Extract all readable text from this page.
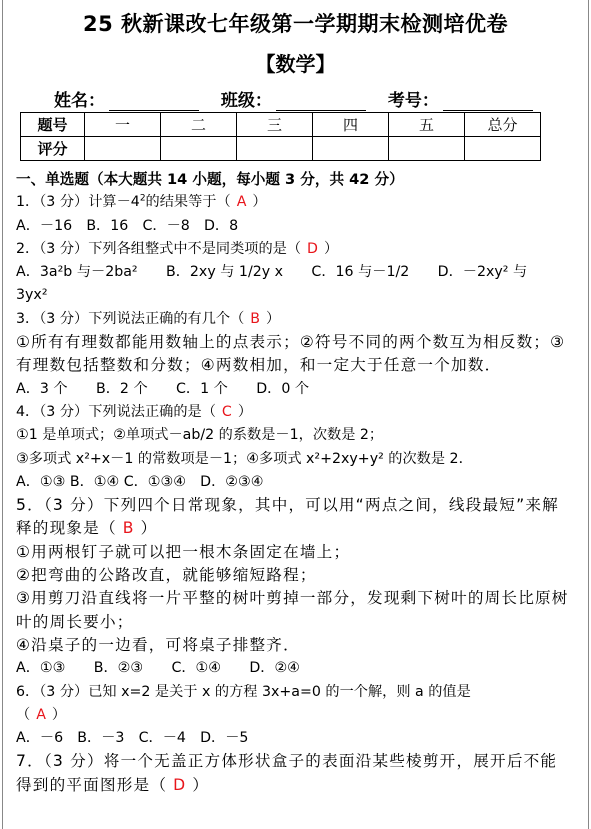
25 秋新课改七年级第一学期期末检测培优卷
【数学】
姓名：	班级：	考号：
题号	一	二	三	四	五	总分
评分						

一、单选题（本大题共 14 小题，每小题 3 分，共 42 分）

1．（3 分）计算$-4^2$的结果等于（ A ）

A．－16　B．16　C．－8　D．8

2．（3 分）下列各组整式中不是同类项的是（ D ）

A．3a²b 与－2ba²　　B．2xy 与 1/2y x　　C．16 与－1/2　　D．－2xy² 与

3yx²

3．（3 分）下列说法正确的有几个（ B ）

①所有有理数都能用数轴上的点表示；②符号不同的两个数互为相反数；③有理数包括整数和分数；④两数相加，和一定大于任意一个加数．

A．3 个　　B．2 个　　C．1 个　　D．0 个

4．（3 分）下列说法正确的是（ C ）

①1 是单项式；②单项式－ab/2 的系数是－1，次数是 2；

③多项式 x²+x－1 的常数项是－1；④多项式 x²+2xy+y² 的次数是 2．

A．①③ B．①④ C．①③④　D．②③④

5．（3 分）下列四个日常现象，其中，可以用“两点之间，线段最短”来解释的现象是（ B ）

①用两根钉子就可以把一根木条固定在墙上；

②把弯曲的公路改直，就能够缩短路程；

③用剪刀沿直线将一片平整的树叶剪掉一部分，发现剩下树叶的周长比原树叶的周长要小；

④沿桌子的一边看，可将桌子排整齐．

A．①③　　B．②③　　C．①④　　D．②④

6．（3 分）已知 x=2 是关于 x 的方程 3x+a=0 的一个解，则 a 的值是

（ A ）

A．－6　B．－3　C．－4　D．－5

7．（3 分）将一个无盖正方体形状盒子的表面沿某些棱剪开，展开后不能得到的平面图形是（ D ）
